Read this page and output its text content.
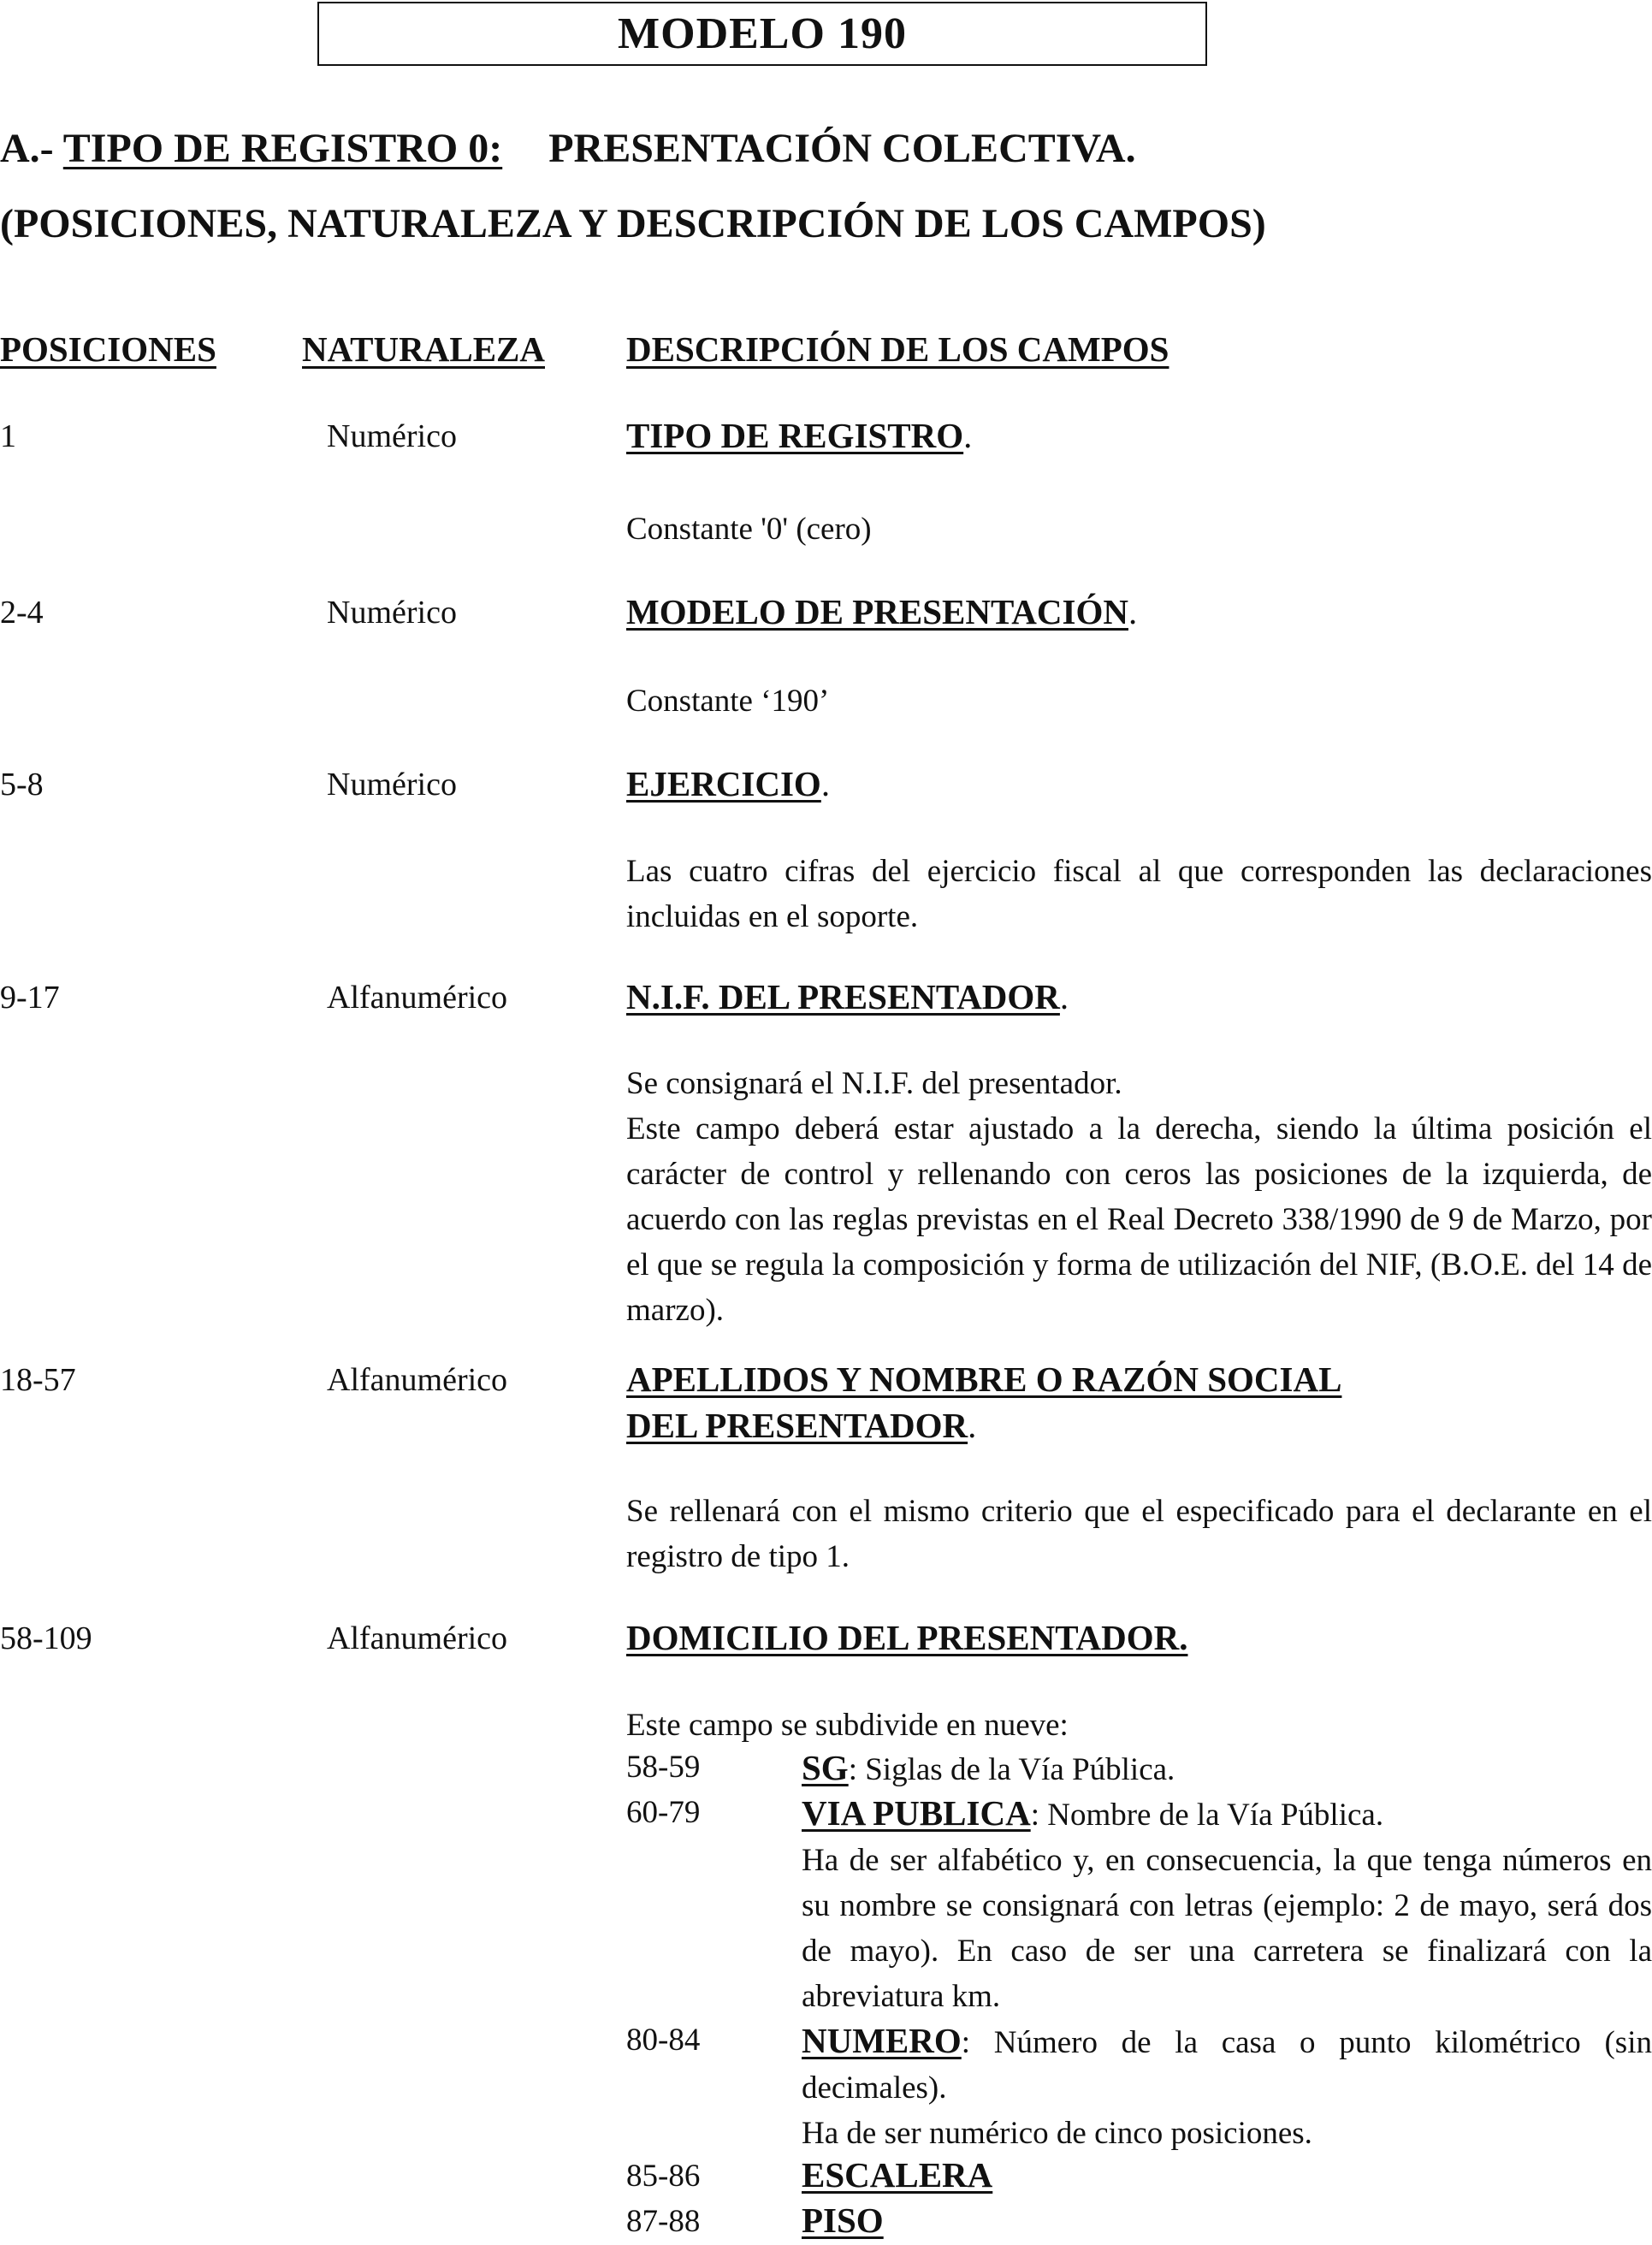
MODELO 190
A.- TIPO DE REGISTRO 0: PRESENTACIÓN COLECTIVA.
(POSICIONES, NATURALEZA Y DESCRIPCIÓN DE LOS CAMPOS)
POSICIONES NATURALEZA DESCRIPCIÓN DE LOS CAMPOS
1	Numérico	TIPO DE REGISTRO.

Constante '0' (cero)

2-4	Numérico	MODELO DE PRESENTACIÓN.

Constante ‘190’

5-8	Numérico	EJERCICIO.

Las cuatro cifras del ejercicio fiscal al que corresponden las declaraciones incluidas en el soporte.

9-17	Alfanumérico	N.I.F. DEL PRESENTADOR.
Se consignará el N.I.F. del presentador.
Este campo deberá estar ajustado a la derecha, siendo la última posición el carácter de control y rellenando con ceros las posiciones de la izquierda, de acuerdo con las reglas previstas en el Real Decreto 338/1990 de 9 de Marzo, por el que se regula la composición y forma de utilización del NIF, (B.O.E. del 14 de marzo).
18-57	Alfanumérico	APELLIDOS Y NOMBRE O RAZÓN SOCIAL
DEL PRESENTADOR.

Se rellenará con el mismo criterio que el especificado para el declarante en el registro de tipo 1.

58-109	Alfanumérico	DOMICILIO DEL PRESENTADOR.

Este campo se subdivide en nueve:

58-59	SG: Siglas de la Vía Pública.
60-79	VIA PUBLICA: Nombre de la Vía Pública.
Ha de ser alfabético y, en consecuencia, la que tenga números en su nombre se consignará con letras (ejemplo: 2 de mayo, será dos de mayo). En caso de ser una carretera se finalizará con la abreviatura km.
80-84	NUMERO: Número de la casa o punto kilométrico (sin decimales).
Ha de ser numérico de cinco posiciones.
85-86	ESCALERA
87-88	PISO
